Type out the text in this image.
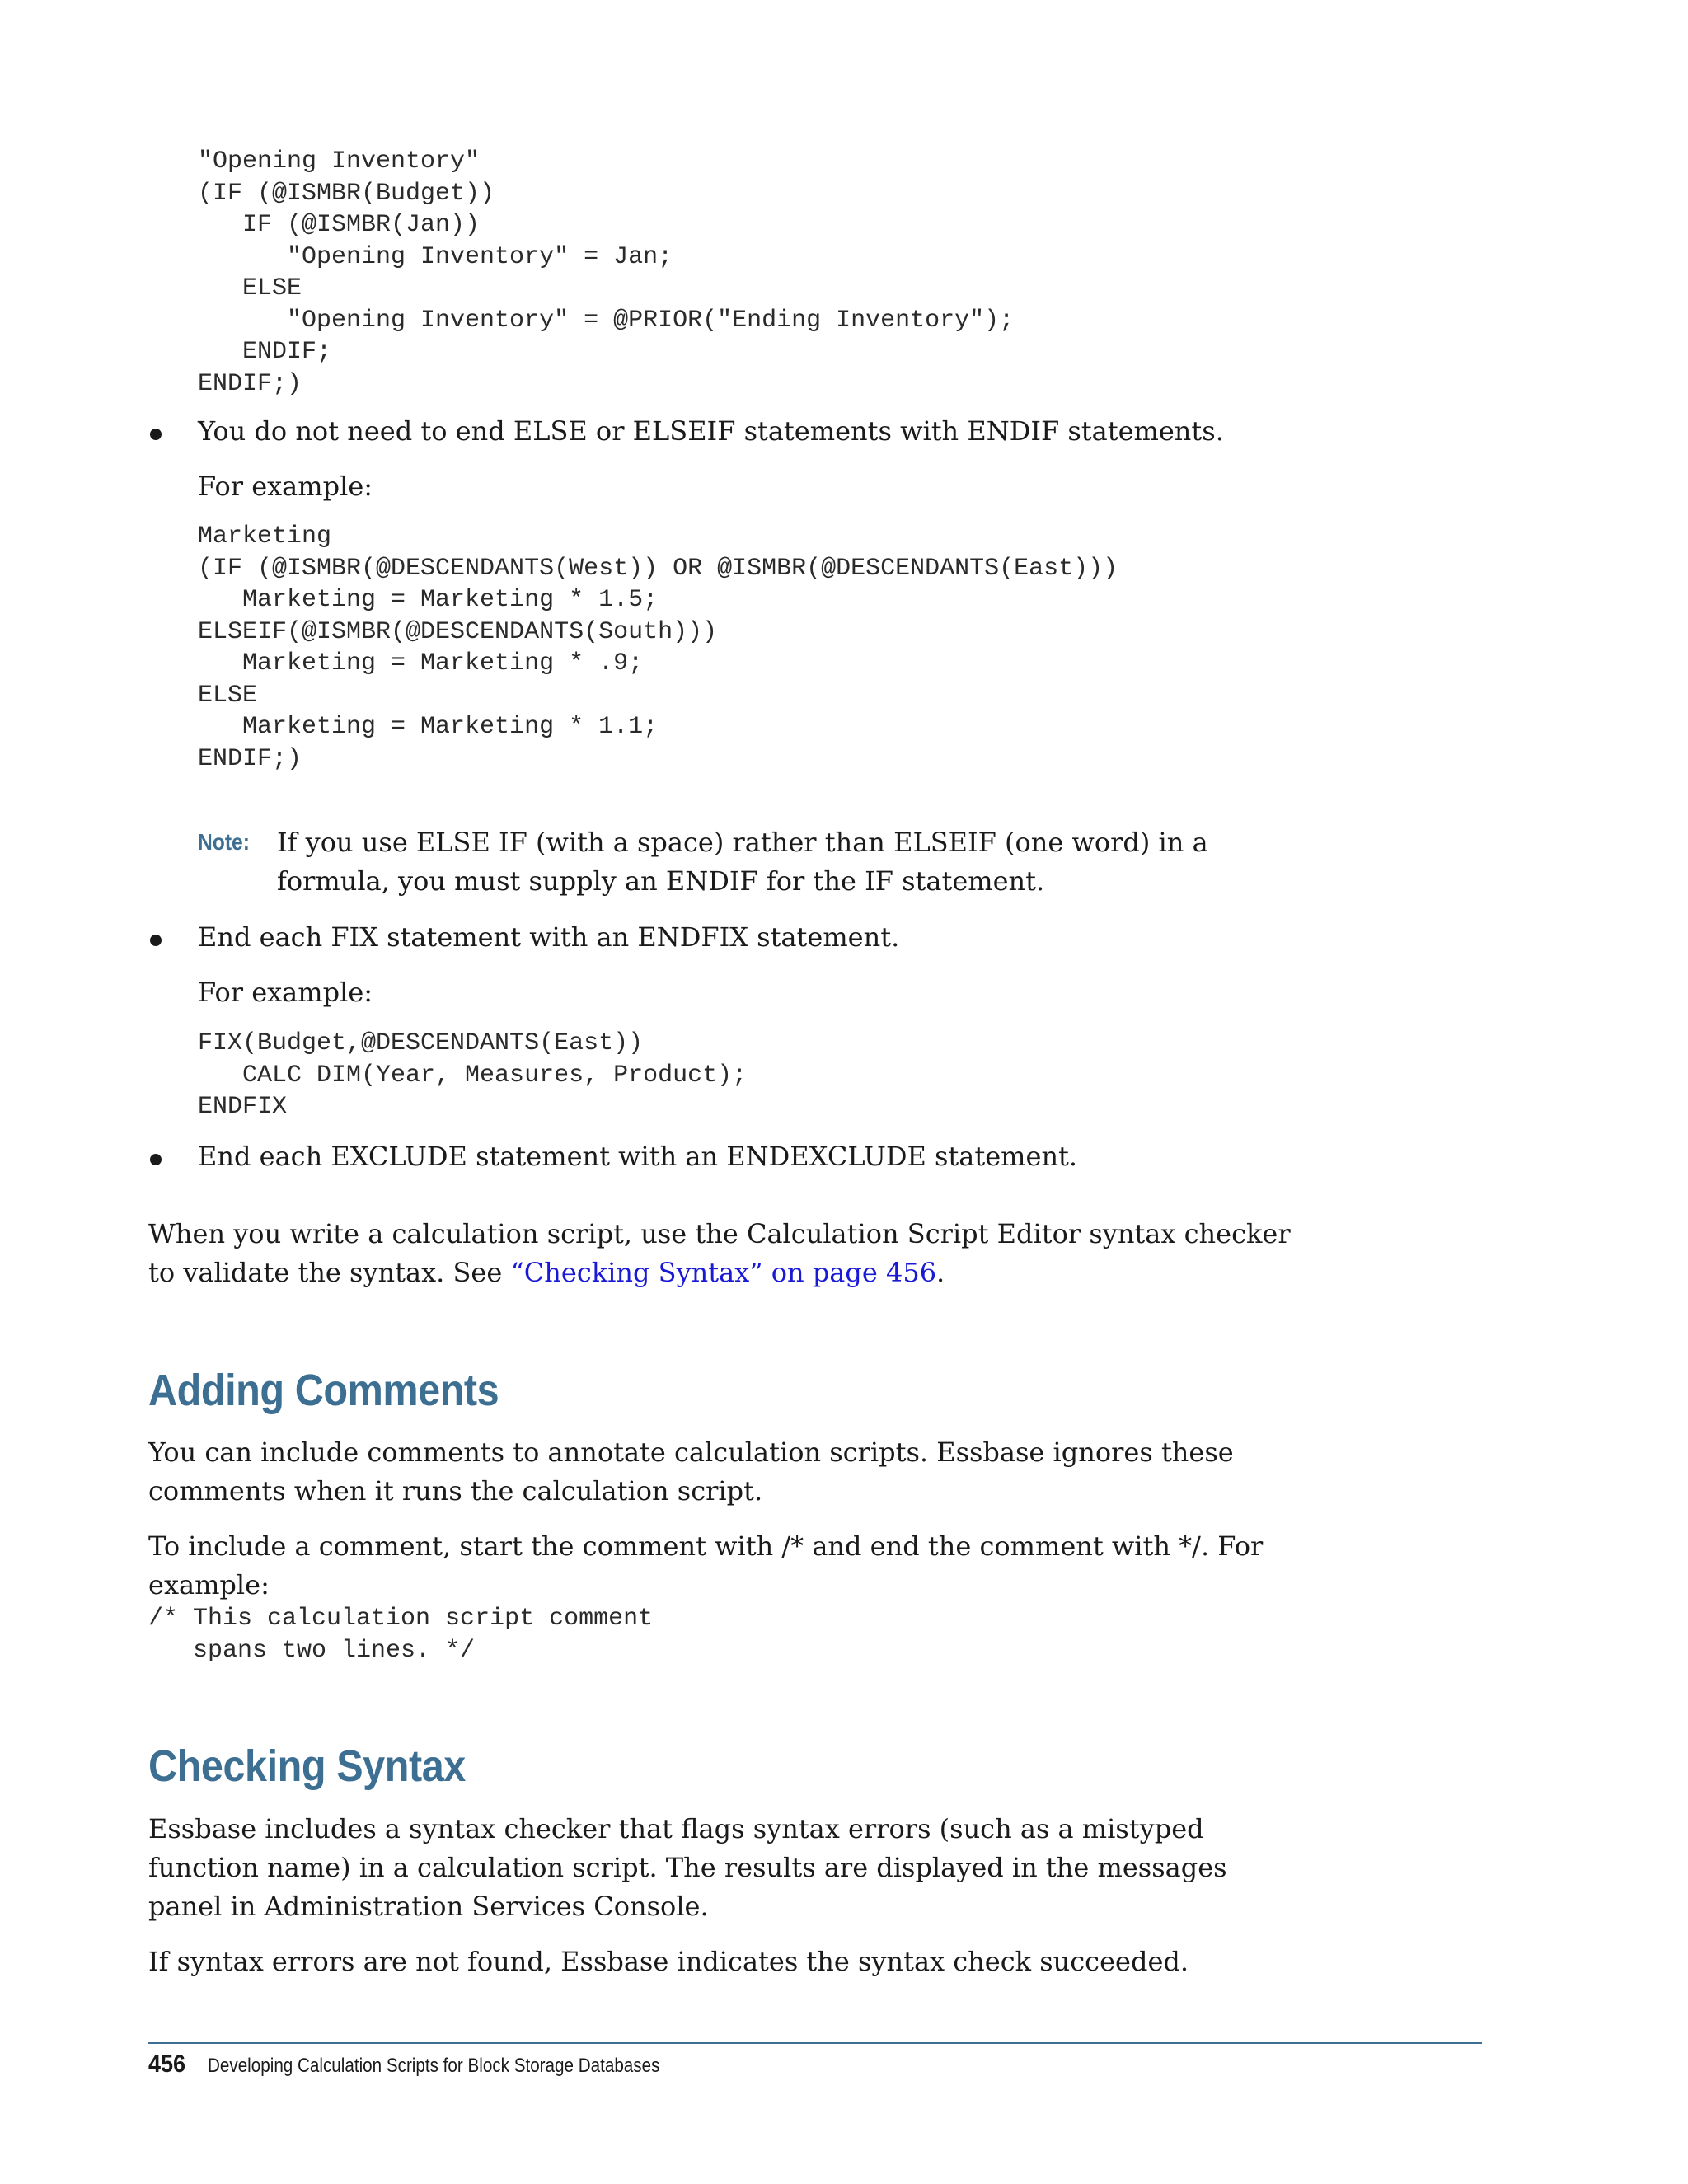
"Opening Inventory"
(IF (@ISMBR(Budget))
IF (@ISMBR(Jan))
"Opening Inventory" = Jan;
ELSE
"Opening Inventory" = @PRIOR("Ending Inventory");
ENDIF;
ENDIF;)

You do not need to end ELSE or ELSEIF statements with ENDIF statements.

For example:

Marketing
(IF (@ISMBR(@DESCENDANTS(West)) OR @ISMBR(@DESCENDANTS(East)))
Marketing = Marketing * 1.5;
ELSEIF(@ISMBR(@DESCENDANTS(South)))
Marketing = Marketing * .9;
ELSE
Marketing = Marketing * 1.1;
ENDIF;)
Note: If you use ELSE IF (with a space) rather than ELSEIF (one word) in a formula, you must supply an ENDIF for the IF statement.

End each FIX statement with an ENDFIX statement.

For example:

FIX(Budget,@DESCENDANTS(East))
CALC DIM(Year, Measures, Product);
ENDFIX

End each EXCLUDE statement with an ENDEXCLUDE statement.

When you write a calculation script, use the Calculation Script Editor syntax checker to validate the syntax. See “Checking Syntax” on page 456.

Adding Comments

You can include comments to annotate calculation scripts. Essbase ignores these comments when it runs the calculation script.

To include a comment, start the comment with /* and end the comment with */. For example:

/* This calculation script comment
spans two lines. */
Checking Syntax

Essbase includes a syntax checker that flags syntax errors (such as a mistyped function name) in a calculation script. The results are displayed in the messages panel in Administration Services Console.

If syntax errors are not found, Essbase indicates the syntax check succeeded.

456 Developing Calculation Scripts for Block Storage Databases
